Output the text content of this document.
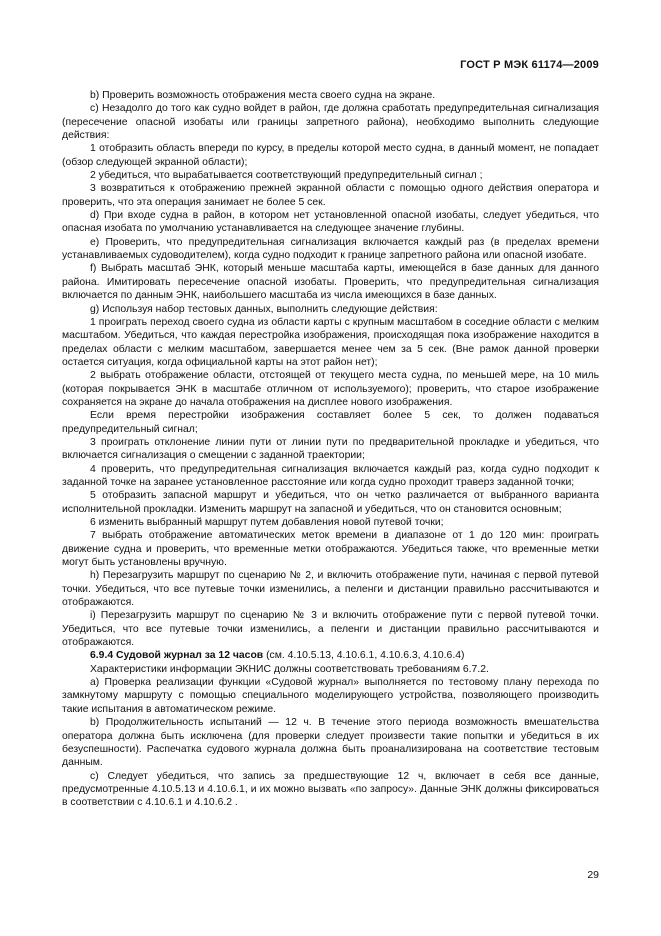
ГОСТ Р МЭК 61174—2009

b) Проверить возможность отображения места своего судна на экране.

c) Незадолго до того как судно войдет в район, где должна сработать предупредительная сигнализация (пересечение опасной изобаты или границы запретного района), необходимо выполнить следующие действия:

1 отобразить область впереди по курсу, в пределы которой место судна, в данный момент, не попадает (обзор следующей экранной области);

2 убедиться, что вырабатывается соответствующий предупредительный сигнал ;

3 возвратиться к отображению прежней экранной области с помощью одного действия оператора и проверить, что эта операция занимает не более 5 сек.

d) При входе судна в район, в котором нет установленной опасной изобаты, следует убедиться, что опасная изобата по умолчанию устанавливается на следующее значение глубины.

e) Проверить, что предупредительная сигнализация включается каждый раз (в пределах времени устанавливаемых судоводителем), когда судно подходит к границе запретного района или опасной изобате.

f) Выбрать масштаб ЭНК, который меньше масштаба карты, имеющейся в базе данных для данного района. Имитировать пересечение опасной изобаты. Проверить, что предупредительная сигнализация включается по данным ЭНК, наибольшего масштаба из числа имеющихся в базе данных.

g) Используя набор тестовых данных, выполнить следующие действия:

1 проиграть переход своего судна из области карты с крупным масштабом в соседние области с мелким масштабом. Убедиться, что каждая перестройка изображения, происходящая пока изображение находится в пределах области с мелким масштабом, завершается менее чем за 5 сек. (Вне рамок данной проверки остается ситуация, когда официальной карты на этот район нет);

2 выбрать отображение области, отстоящей от текущего места судна, по меньшей мере, на 10 миль (которая покрывается ЭНК в масштабе отличном от используемого); проверить, что старое изображение сохраняется на экране до начала отображения на дисплее нового изображения.

Если время перестройки изображения составляет более 5 сек, то должен подаваться предупредительный сигнал;

3 проиграть отклонение линии пути от линии пути по предварительной прокладке и убедиться, что включается сигнализация о смещении с заданной траектории;

4 проверить, что предупредительная сигнализация включается каждый раз, когда судно подходит к заданной точке на заранее установленное расстояние или когда судно проходит траверз заданной точки;

5 отобразить запасной маршрут и убедиться, что он четко различается от выбранного варианта исполнительной прокладки. Изменить маршрут на запасной и убедиться, что он становится основным;

6 изменить выбранный маршрут путем добавления новой путевой точки;

7 выбрать отображение автоматических меток времени в диапазоне от 1 до 120 мин: проиграть движение судна и проверить, что временные метки отображаются. Убедиться также, что временные метки могут быть установлены вручную.

h) Перезагрузить маршрут по сценарию № 2, и включить отображение пути, начиная с первой путевой точки. Убедиться, что все путевые точки изменились, а пеленги и дистанции правильно рассчитываются и отображаются.

i) Перезагрузить маршрут по сценарию № 3 и включить отображение пути с первой путевой точки. Убедиться, что все путевые точки изменились, а пеленги и дистанции правильно рассчитываются и отображаются.

6.9.4 Судовой журнал за 12 часов (см. 4.10.5.13, 4.10.6.1, 4.10.6.3, 4.10.6.4)

Характеристики информации ЭКНИС должны соответствовать требованиям 6.7.2.

a) Проверка реализации функции «Судовой журнал» выполняется по тестовому плану перехода по замкнутому маршруту с помощью специального моделирующего устройства, позволяющего производить такие испытания в автоматическом режиме.

b) Продолжительность испытаний — 12 ч. В течение этого периода возможность вмешательства оператора должна быть исключена (для проверки следует произвести такие попытки и убедиться в их безуспешности). Распечатка судового журнала должна быть проанализирована на соответствие тестовым данным.

c) Следует убедиться, что запись за предшествующие 12 ч, включает в себя все данные, предусмотренные 4.10.5.13 и 4.10.6.1, и их можно вызвать «по запросу». Данные ЭНК должны фиксироваться в соответствии с 4.10.6.1 и 4.10.6.2 .

29
